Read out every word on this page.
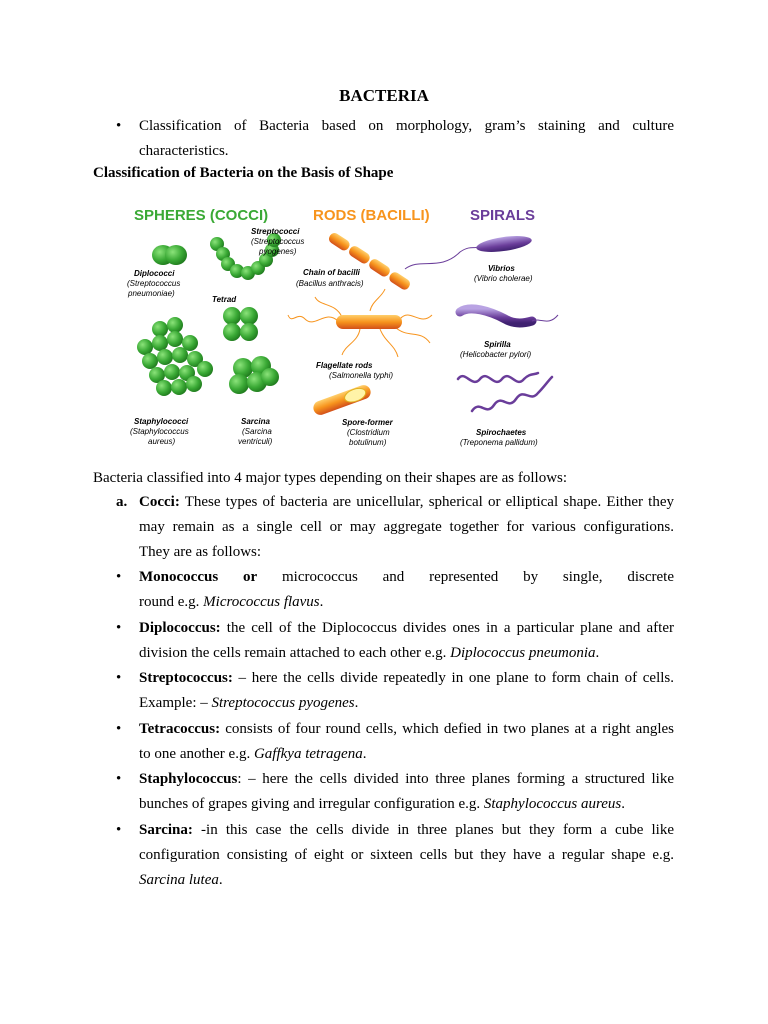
BACTERIA
• Classification of Bacteria based on morphology, gram’s staining and culture
characteristics.
Classification of Bacteria on the Basis of Shape
SPHERES (COCCI)	RODS (BACILLI)	SPIRALS
Diplococci
(Streptococcus
pneumoniae)
Streptococci
(Streptococcus
pyogenes)
Tetrad
Staphylococci
(Staphylococcus
aureus)
Sarcina
(Sarcina
ventriculi)
Chain of bacilli
(Bacillus anthracis)
Flagellate rods
(Salmonella typhi)
Spore-former
(Clostridium
botulinum)
Vibrios
(Vibrio cholerae)
Spirilla
(Helicobacter pylori)
Spirochaetes
(Treponema pallidum)
Bacteria classified into 4 major types depending on their shapes are as follows:
a. Cocci: These types of bacteria are unicellular, spherical or elliptical shape. Either they
may remain as a single cell or may aggregate together for various configurations.
They are as follows:
• Monococcus or micrococcus and represented by single, discrete
round e.g. Micrococcus flavus.
• Diplococcus: the cell of the Diplococcus divides ones in a particular plane and after
division the cells remain attached to each other e.g. Diplococcus pneumonia.
• Streptococcus: – here the cells divide repeatedly in one plane to form chain of cells.
Example: – Streptococcus pyogenes.
• Tetracoccus: consists of four round cells, which defied in two planes at a right angles
to one another e.g. Gaffkya tetragena.
• Staphylococcus: – here the cells divided into three planes forming a structured like
bunches of grapes giving and irregular configuration e.g. Staphylococcus aureus.
• Sarcina: -in this case the cells divide in three planes but they form a cube like
configuration consisting of eight or sixteen cells but they have a regular shape e.g.
Sarcina lutea.
